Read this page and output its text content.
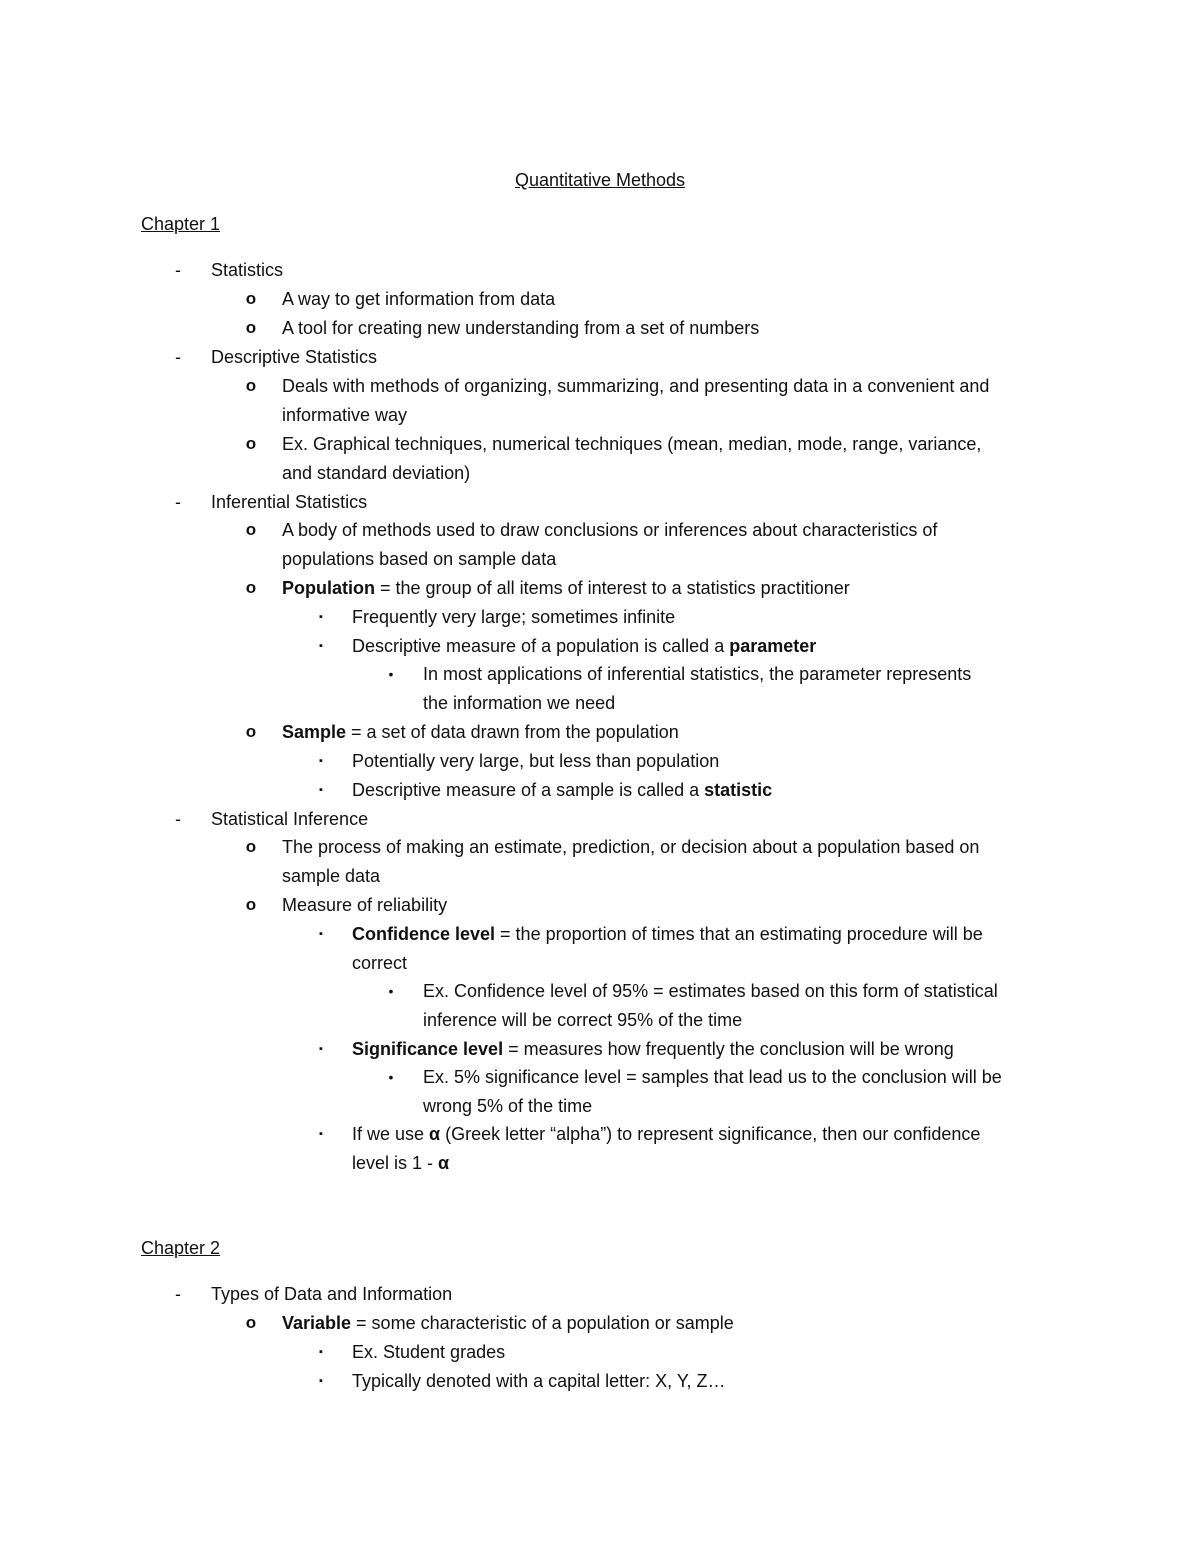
Quantitative Methods
Chapter 1
-	Statistics
o A way to get information from data
o A tool for creating new understanding from a set of numbers
-	Descriptive Statistics
o Deals with methods of organizing, summarizing, and presenting data in a convenient and
informative way
o Ex. Graphical techniques, numerical techniques (mean, median, mode, range, variance,
and standard deviation)
-	Inferential Statistics
o A body of methods used to draw conclusions or inferences about characteristics of
populations based on sample data
o Population = the group of all items of interest to a statistics practitioner
▪	Frequently very large; sometimes infinite
▪	Descriptive measure of a population is called a parameter
•	In most applications of inferential statistics, the parameter represents
the information we need
o Sample = a set of data drawn from the population
▪	Potentially very large, but less than population
▪	Descriptive measure of a sample is called a statistic
-	Statistical Inference
o The process of making an estimate, prediction, or decision about a population based on
sample data
o Measure of reliability
▪	Confidence level = the proportion of times that an estimating procedure will be
correct
•	Ex. Confidence level of 95% = estimates based on this form of statistical
inference will be correct 95% of the time
▪	Significance level = measures how frequently the conclusion will be wrong
•	Ex. 5% significance level = samples that lead us to the conclusion will be
wrong 5% of the time
▪	If we use α (Greek letter “alpha”) to represent significance, then our confidence
level is 1 - α
Chapter 2
-	Types of Data and Information
o Variable = some characteristic of a population or sample
▪	Ex. Student grades
▪	Typically denoted with a capital letter: X, Y, Z…
